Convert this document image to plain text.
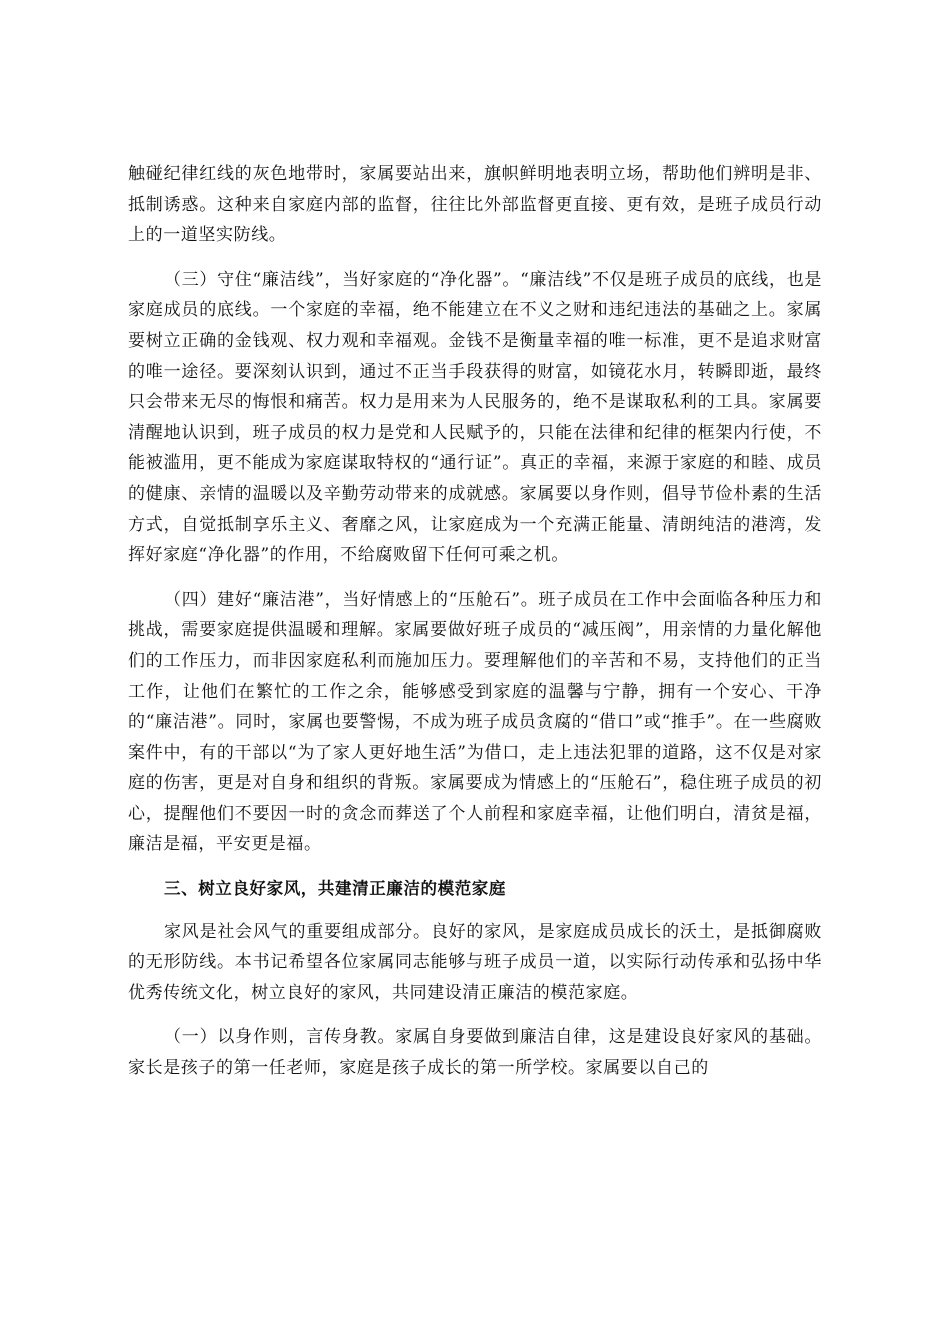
触碰纪律红线的灰色地带时，家属要站出来，旗帜鲜明地表明立场，帮助他们辨明是非、抵制诱惑。这种来自家庭内部的监督，往往比外部监督更直接、更有效，是班子成员行动上的一道坚实防线。

（三）守住“廉洁线”，当好家庭的“净化器”。“廉洁线”不仅是班子成员的底线，也是家庭成员的底线。一个家庭的幸福，绝不能建立在不义之财和违纪违法的基础之上。家属要树立正确的金钱观、权力观和幸福观。金钱不是衡量幸福的唯一标准，更不是追求财富的唯一途径。要深刻认识到，通过不正当手段获得的财富，如镜花水月，转瞬即逝，最终只会带来无尽的悔恨和痛苦。权力是用来为人民服务的，绝不是谋取私利的工具。家属要清醒地认识到，班子成员的权力是党和人民赋予的，只能在法律和纪律的框架内行使，不能被滥用，更不能成为家庭谋取特权的“通行证”。真正的幸福，来源于家庭的和睦、成员的健康、亲情的温暖以及辛勤劳动带来的成就感。家属要以身作则，倡导节俭朴素的生活方式，自觉抵制享乐主义、奢靡之风，让家庭成为一个充满正能量、清朗纯洁的港湾，发挥好家庭“净化器”的作用，不给腐败留下任何可乘之机。

（四）建好“廉洁港”，当好情感上的“压舱石”。班子成员在工作中会面临各种压力和挑战，需要家庭提供温暖和理解。家属要做好班子成员的“减压阀”，用亲情的力量化解他们的工作压力，而非因家庭私利而施加压力。要理解他们的辛苦和不易，支持他们的正当工作，让他们在繁忙的工作之余，能够感受到家庭的温馨与宁静，拥有一个安心、干净的“廉洁港”。同时，家属也要警惕，不成为班子成员贪腐的“借口”或“推手”。在一些腐败案件中，有的干部以“为了家人更好地生活”为借口，走上违法犯罪的道路，这不仅是对家庭的伤害，更是对自身和组织的背叛。家属要成为情感上的“压舱石”，稳住班子成员的初心，提醒他们不要因一时的贪念而葬送了个人前程和家庭幸福，让他们明白，清贫是福，廉洁是福，平安更是福。

三、树立良好家风，共建清正廉洁的模范家庭

家风是社会风气的重要组成部分。良好的家风，是家庭成员成长的沃土，是抵御腐败的无形防线。本书记希望各位家属同志能够与班子成员一道，以实际行动传承和弘扬中华优秀传统文化，树立良好的家风，共同建设清正廉洁的模范家庭。

（一）以身作则，言传身教。家属自身要做到廉洁自律，这是建设良好家风的基础。家长是孩子的第一任老师，家庭是孩子成长的第一所学校。家属要以自己的
